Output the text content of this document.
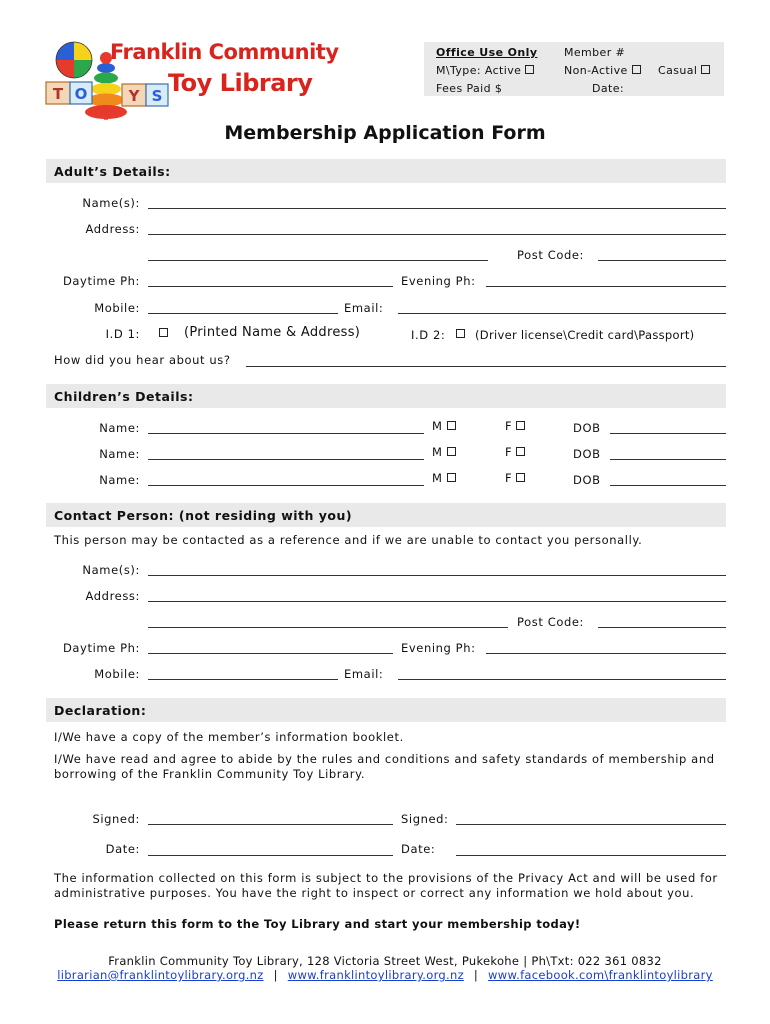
T O	Y S
Franklin Community
Toy Library
Office Use Only Member #
M\Type: Active	Non-Active	Casual
Fees Paid $	Date:
Membership Application Form
Adult’s Details:
Name(s):
Address:
Post Code:
Daytime Ph:	Evening Ph:
Mobile:	Email:
I.D 1:	(Printed Name & Address)	I.D 2:	(Driver license\Credit card\Passport)
How did you hear about us?
Children’s Details:
Name:	M	F	DOB
Name:	M	F	DOB
Name:	M	F	DOB
Contact Person: (not residing with you)
This person may be contacted as a reference and if we are unable to contact you personally.
Name(s):
Address:
Post Code:
Daytime Ph:	Evening Ph:
Mobile:	Email:
Declaration:
I/We have a copy of the member’s information booklet.
I/We have read and agree to abide by the rules and conditions and safety standards of membership and borrowing of the Franklin Community Toy Library.
Signed:	Signed:
Date:	Date:
The information collected on this form is subject to the provisions of the Privacy Act and will be used for administrative purposes. You have the right to inspect or correct any information we hold about you.
Please return this form to the Toy Library and start your membership today!
Franklin Community Toy Library, 128 Victoria Street West, Pukekohe | Ph\Txt: 022 361 0832
librarian@franklintoylibrary.org.nz | www.franklintoylibrary.org.nz | www.facebook.com\franklintoylibrary
